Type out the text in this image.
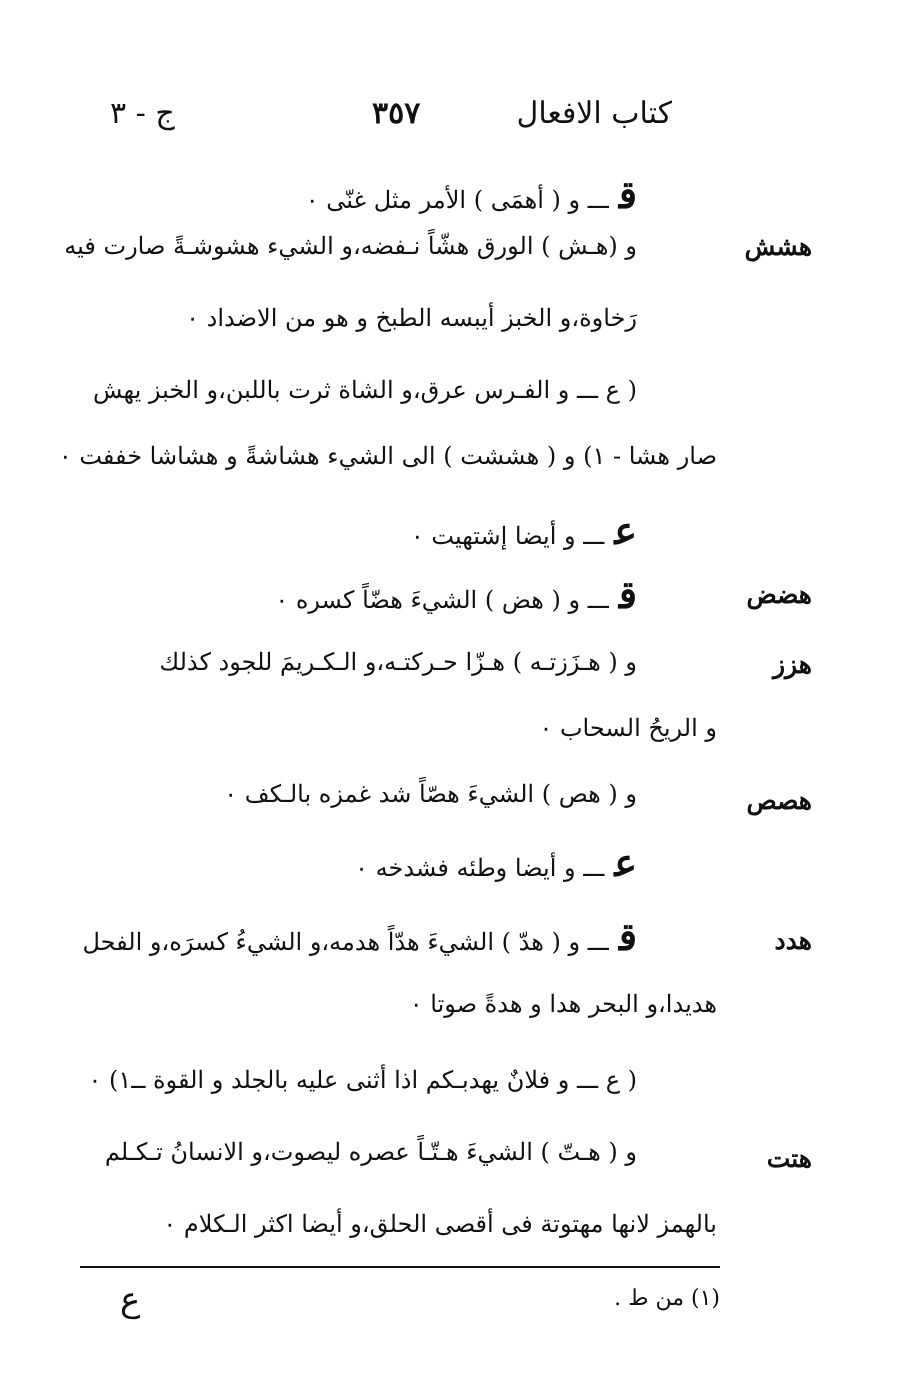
كتاب الافعال
٣٥٧
ج - ٣
قـــ و ( أهمَى ) الأمر مثل غنّى ٠
هشش
و (هـش ) الورق هشّاً نـفضه،و الشيء هشوشـةً صارت فيه
رَخاوة،و الخبز أيبسه الطبخ و هو من الاضداد ٠
( ع ـــ و الفـرس عرق،و الشاة ثرت باللبن،و الخبز يهش
صار هشا - ١) و ( هششت ) الى الشيء هشاشةً و هشاشا خففت ٠
عـــ و أيضا إشتهيت ٠
هضض
قـــ و ( هض ) الشيءَ هضّاً كسره ٠
هزز
و ( هـزَزتـه ) هـزّا حـركتـه،و الـكـريمَ للجود كذلك
و الريحُ السحاب ٠
هصص
و ( هص ) الشيءَ هصّاً شد غمزه بالـكف ٠
عـــ و أيضا وطئه فشدخه ٠
هدد
قـــ و ( هدّ ) الشيءَ هدّاً هدمه،و الشيءُ كسرَه،و الفحل
هديدا،و البحر هدا و هدةً صوتا ٠
( ع ـــ و فلانٌ يهدبـكم اذا أثنى عليه بالجلد و القوة ــ١) ٠
هتت
و ( هـتّ ) الشيءَ هـتّـاً عصره ليصوت،و الانسانُ تـكـلم
بالهمز لانها مهتوتة فى أقصى الحلق،و أيضا اكثر الـكلام ٠
(١) من ط .
ع
